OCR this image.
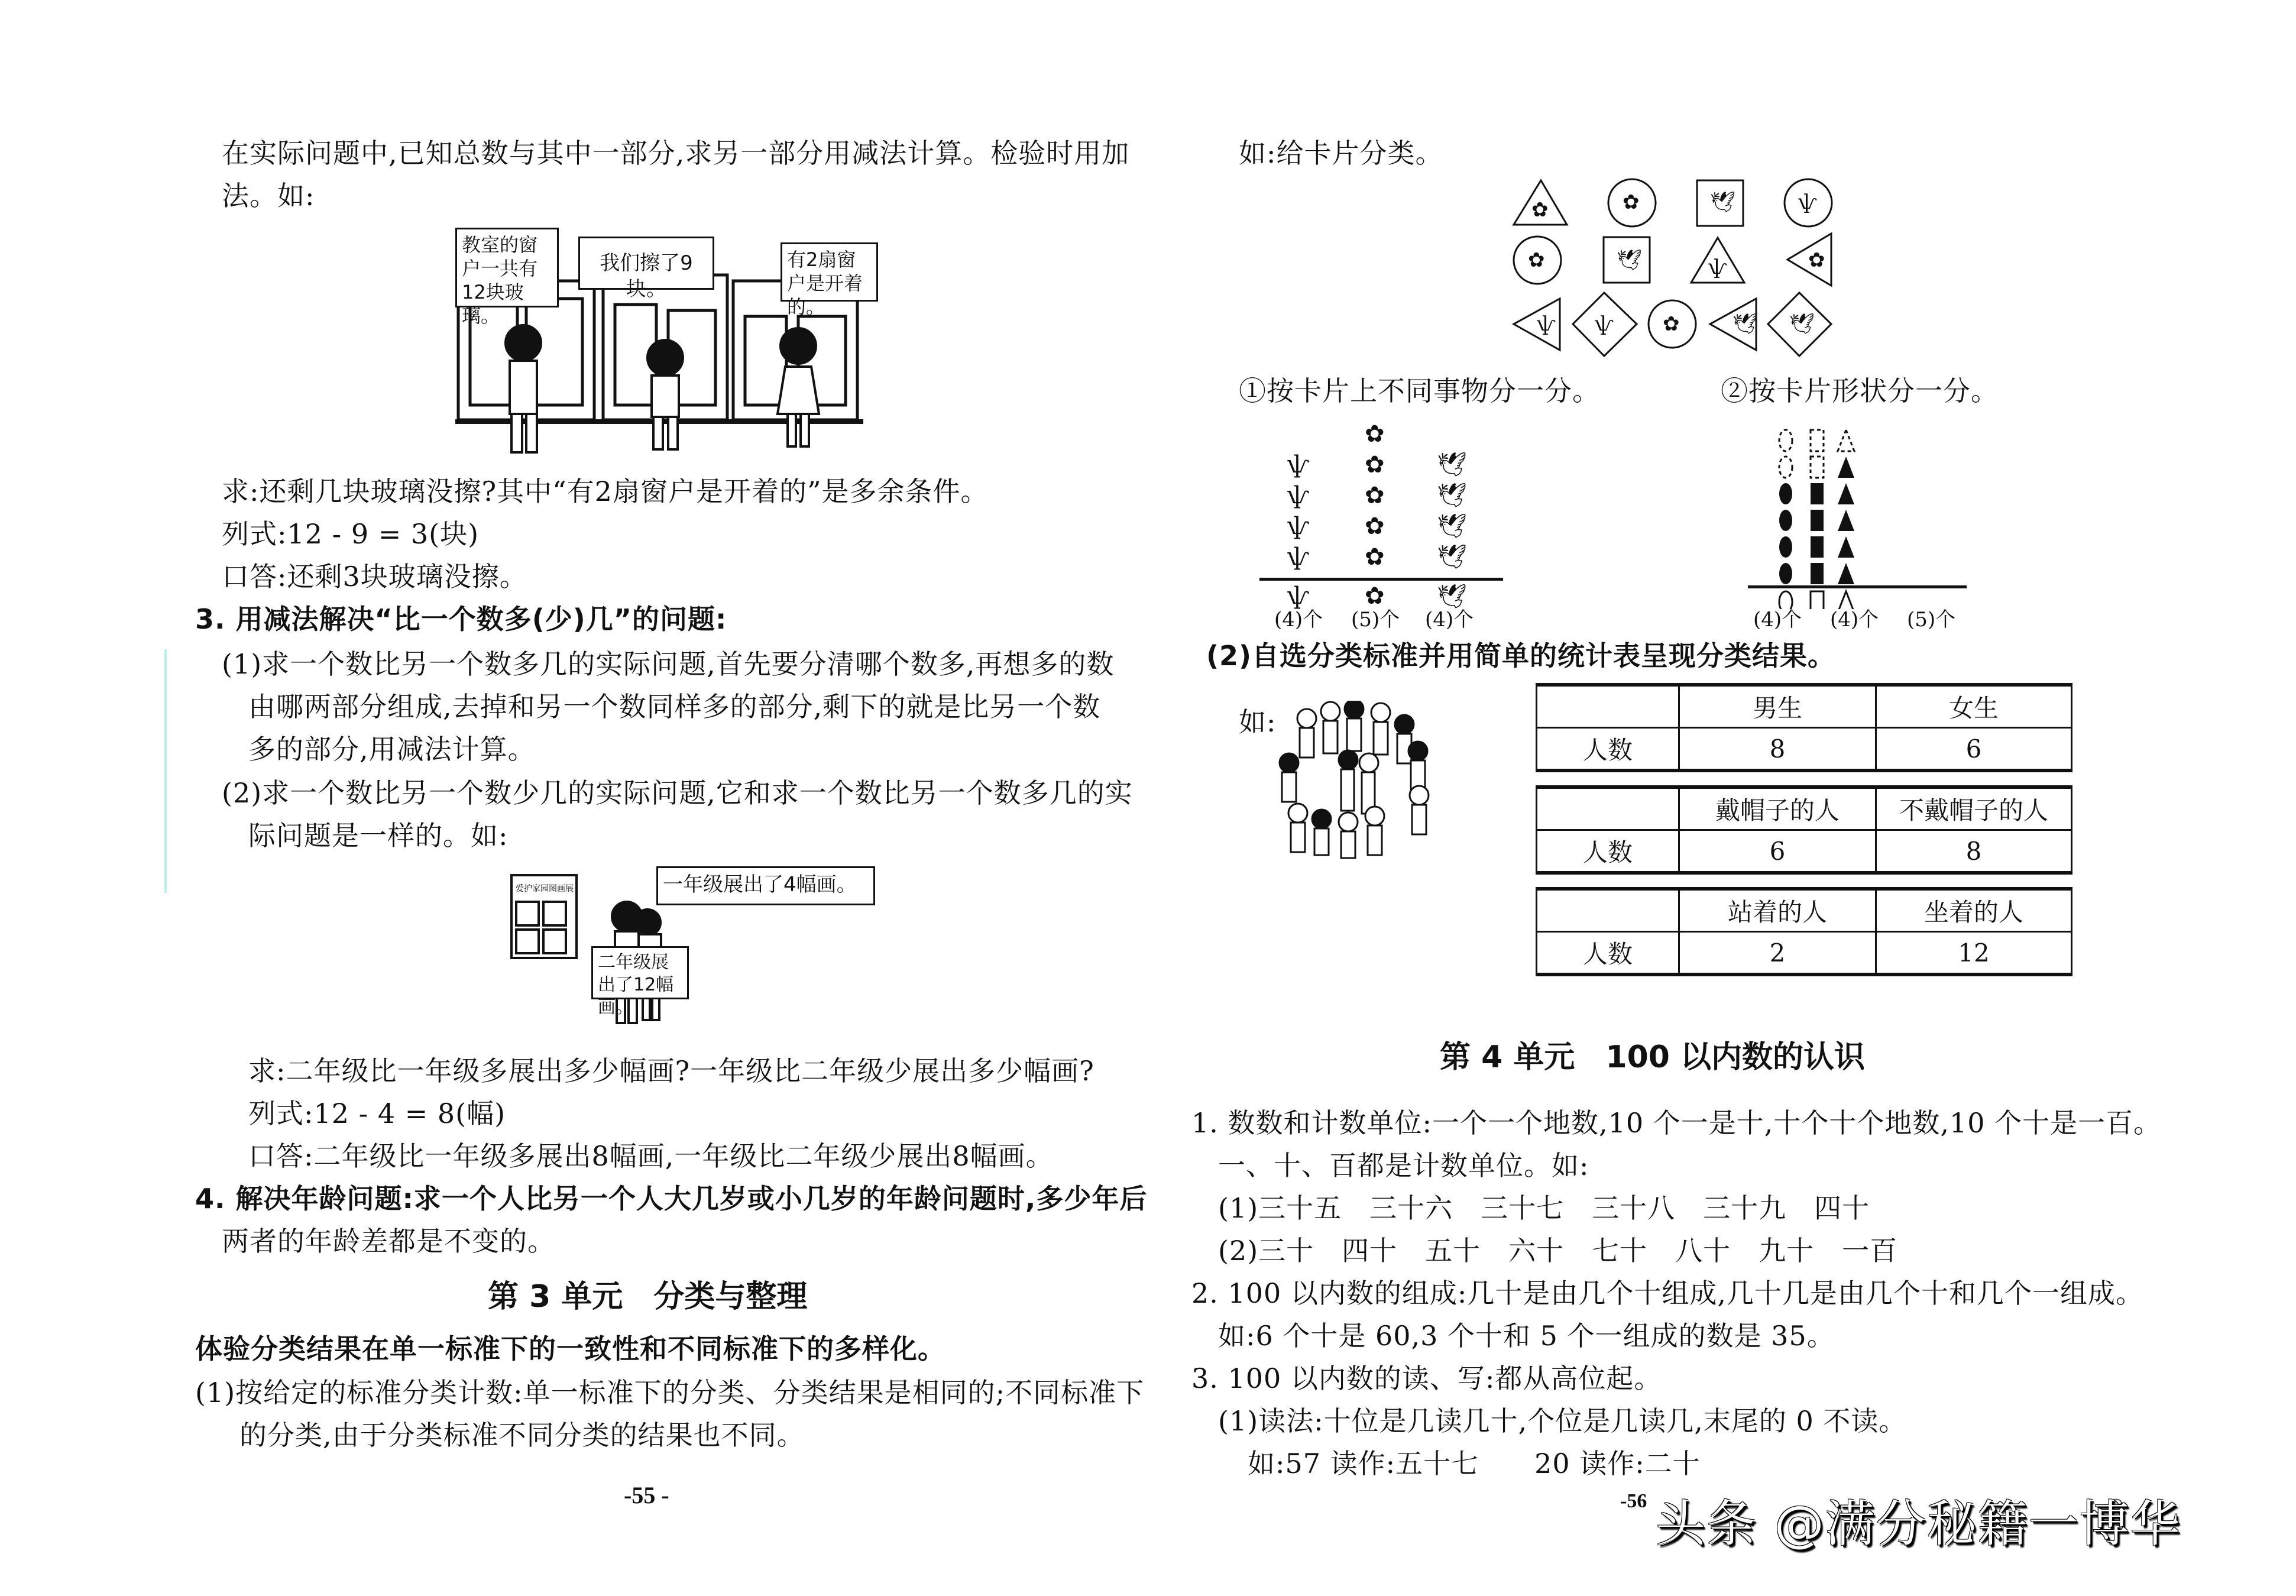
在实际问题中,已知总数与其中一部分,求另一部分用减法计算。检验时用加
法。如:
教室的窗户一共有12块玻璃。
我们擦了9块。
有2扇窗户是开着的。
求:还剩几块玻璃没擦?其中“有2扇窗户是开着的”是多余条件。
列式:12 - 9 = 3(块)
口答:还剩3块玻璃没擦。
3. 用减法解决“比一个数多(少)几”的问题:
(1)求一个数比另一个数多几的实际问题,首先要分清哪个数多,再想多的数
由哪两部分组成,去掉和另一个数同样多的部分,剩下的就是比另一个数
多的部分,用减法计算。
(2)求一个数比另一个数少几的实际问题,它和求一个数比另一个数多几的实
际问题是一样的。如:
爱护家园图画展	一年级展出了4幅画。
二年级展出了12幅画。
求:二年级比一年级多展出多少幅画?一年级比二年级少展出多少幅画?
列式:12 - 4 = 8(幅)
口答:二年级比一年级多展出8幅画,一年级比二年级少展出8幅画。
4. 解决年龄问题:求一个人比另一个人大几岁或小几岁的年龄问题时,多少年后
两者的年龄差都是不变的。
第 3 单元　分类与整理
体验分类结果在单一标准下的一致性和不同标准下的多样化。
(1)按给定的标准分类计数:单一标准下的分类、分类结果是相同的;不同标准下
的分类,由于分类标准不同分类的结果也不同。
-55 -
如:给卡片分类。
✿	✿	🕊	ѱ
✿	🕊	ѱ	✿
ѱ ѱ ✿	🕊 🕊
①按卡片上不同事物分一分。	②按卡片形状分一分。
ѱ
ѱ
ѱ
ѱ
✿
✿
✿
✿
✿
🕊
🕊
🕊
🕊
ѱ ✿ 🕊
(4)个 (5)个 (4)个	(4)个 (4)个 (5)个
(2)自选分类标准并用简单的统计表呈现分类结果。
如:
		男生	女生
人数	8	6
	戴帽子的人	不戴帽子的人
人数	6	8
	站着的人	坐着的人
人数	2	12
第 4 单元　100 以内数的认识
1. 数数和计数单位:一个一个地数,10 个一是十,十个十个地数,10 个十是一百。
一、十、百都是计数单位。如:
(1)三十五　三十六　三十七　三十八　三十九　四十
(2)三十　四十　五十　六十　七十　八十　九十　一百
2. 100 以内数的组成:几十是由几个十组成,几十几是由几个十和几个一组成。
如:6 个十是 60,3 个十和 5 个一组成的数是 35。
3. 100 以内数的读、写:都从高位起。
(1)读法:十位是几读几十,个位是几读几,末尾的 0 不读。
如:57 读作:五十七　　20 读作:二十
-56 头条 @满分秘籍一博华
